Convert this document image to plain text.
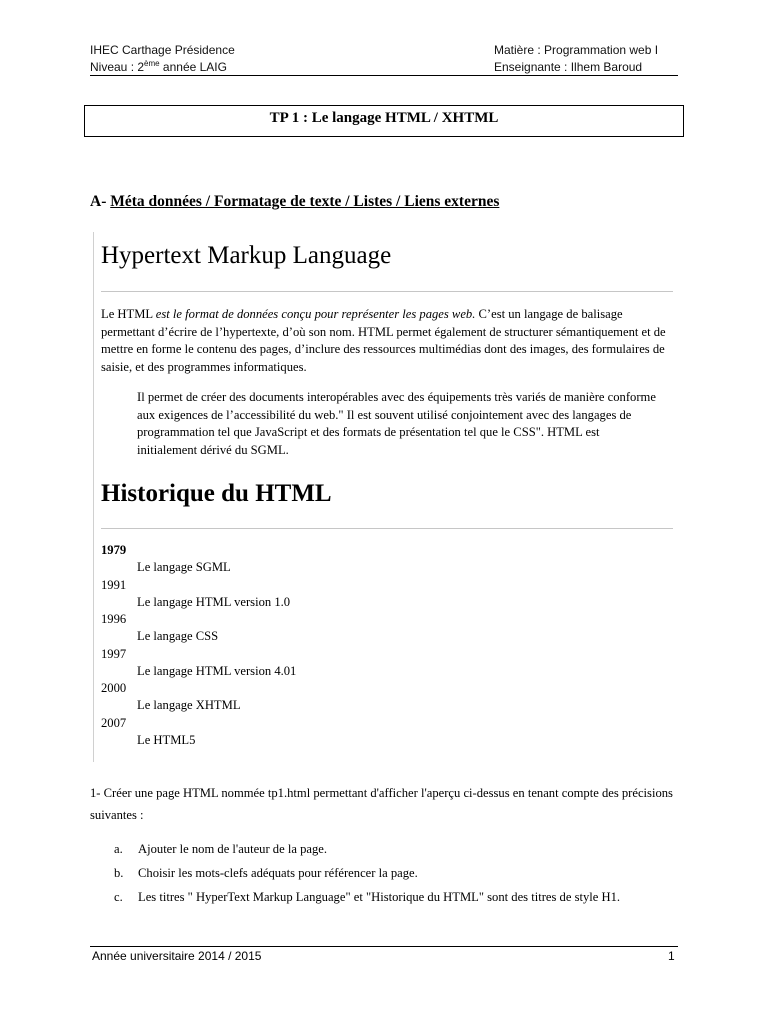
IHEC Carthage Présidence
Niveau : 2ème année LAIG
Matière : Programmation web I
Enseignante : Ilhem Baroud
TP 1 : Le langage HTML / XHTML
A- Méta données / Formatage de texte / Listes / Liens externes
Hypertext Markup Language
Le HTML est le format de données conçu pour représenter les pages web. C’est un langage de balisage permettant d’écrire de l’hypertexte, d’où son nom. HTML permet également de structurer sémantiquement et de mettre en forme le contenu des pages, d’inclure des ressources multimédias dont des images, des formulaires de saisie, et des programmes informatiques.
Il permet de créer des documents interopérables avec des équipements très variés de manière conforme aux exigences de l’accessibilité du web." Il est souvent utilisé conjointement avec des langages de programmation tel que JavaScript et des formats de présentation tel que le CSS". HTML est initialement dérivé du SGML.
Historique du HTML
1979
Le langage SGML
1991
Le langage HTML version 1.0
1996
Le langage CSS
1997
Le langage HTML version 4.01
2000
Le langage XHTML
2007
Le HTML5
1- Créer une page HTML nommée tp1.html permettant d'afficher l'aperçu ci-dessus en tenant compte des précisions suivantes :
a. Ajouter le nom de l'auteur de la page.
b. Choisir les mots-clefs adéquats pour référencer la page.
c. Les titres " HyperText Markup Language" et "Historique du HTML" sont des titres de style H1.
Année universitaire 2014 / 2015	1
